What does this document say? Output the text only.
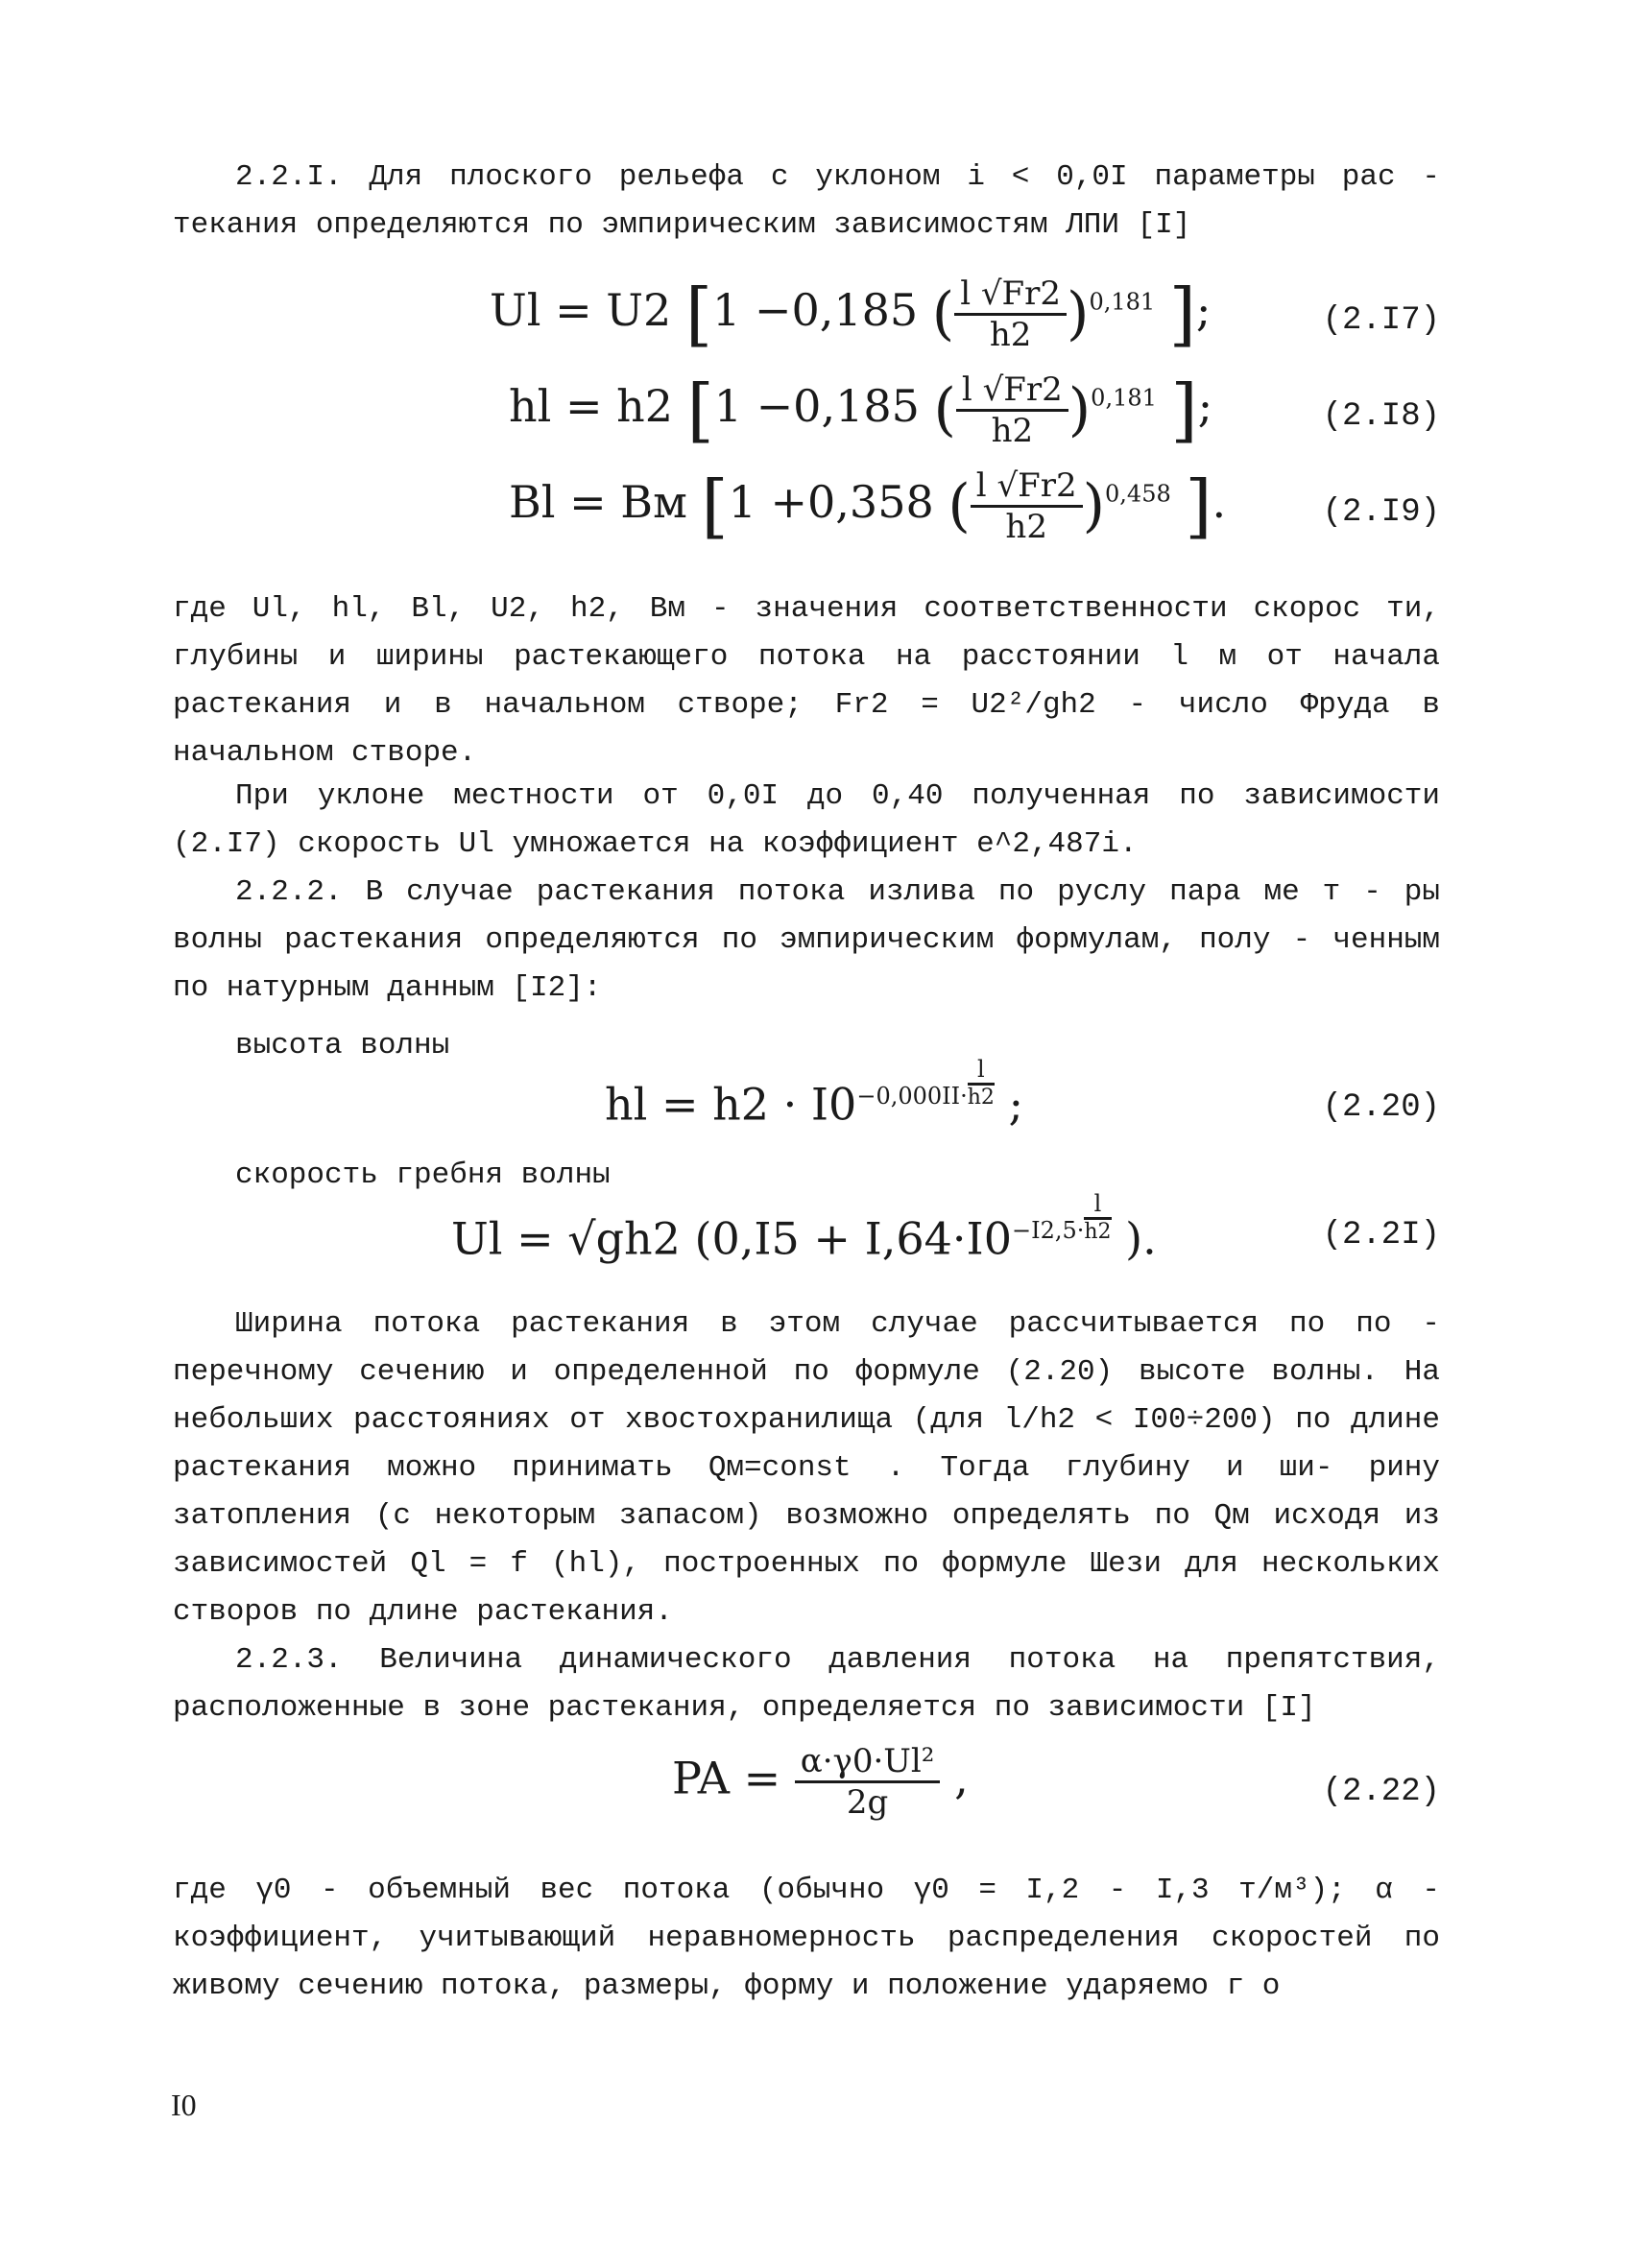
2.2.I. Для плоского рельефа с уклоном i < 0,0I параметры рас - текания определяются по эмпирическим зависимостям ЛПИ [I]

Ul = U2 [1 −0,185 ( $\frac{l √Fr2}{h2} )^{0,181}$ ];	(2.I7)
hl = h2 [1 −0,185 ( $\frac{l √Fr2}{h2} )^{0,181}$ ];	(2.I8)
Bl = Bм [1 +0,358 ( $\frac{l √Fr2}{h2} )^{0,458}$ ].	(2.I9)

где Ul, hl, Bl, U2, h2, Bм - значения соответственности скорос ти, глубины и ширины растекающего потока на расстоянии l м от начала растекания и в начальном створе; Fr2 = U2²/gh2 - число Фруда в начальном створе.

При уклоне местности от 0,0I до 0,40 полученная по зависимости (2.I7) скорость Ul умножается на коэффициент e^2,487i.

2.2.2. В случае растекания потока излива по руслу пара ме т - ры волны растекания определяются по эмпирическим формулам, полу - ченным по натурным данным [I2]:

высота волны
hl = $h2 \cdot I0^{-0,000II\cdot} \frac{l}{h2}$ ;	(2.20)
скорость гребня волны
Ul = √gh2 ($0,I5 + I,64\cdot I0^{-I2,5\cdot} \frac{l}{h2}$ ).	(2.2I)

Ширина потока растекания в этом случае рассчитывается по по - перечному сечению и определенной по формуле (2.20) высоте волны. На небольших расстояниях от хвостохранилища (для l/h2 < I00÷200) по длине растекания можно принимать Qм=const . Тогда глубину и ши- рину затопления (с некоторым запасом) возможно определять по Qм исходя из зависимостей Ql = f (hl), построенных по формуле Шези для нескольких створов по длине растекания.

2.2.3. Величина динамического давления потока на препятствия, расположенные в зоне растекания, определяется по зависимости [I]

PA = $\frac{\text{α·γ0·Ul²}}{2g}$ ,	(2.22)

где γ0 - объемный вес потока (обычно γ0 = I,2 - I,3 т/м³); α - коэффициент, учитывающий неравномерность распределения скоростей по живому сечению потока, размеры, форму и положение ударяемо г о

I0
